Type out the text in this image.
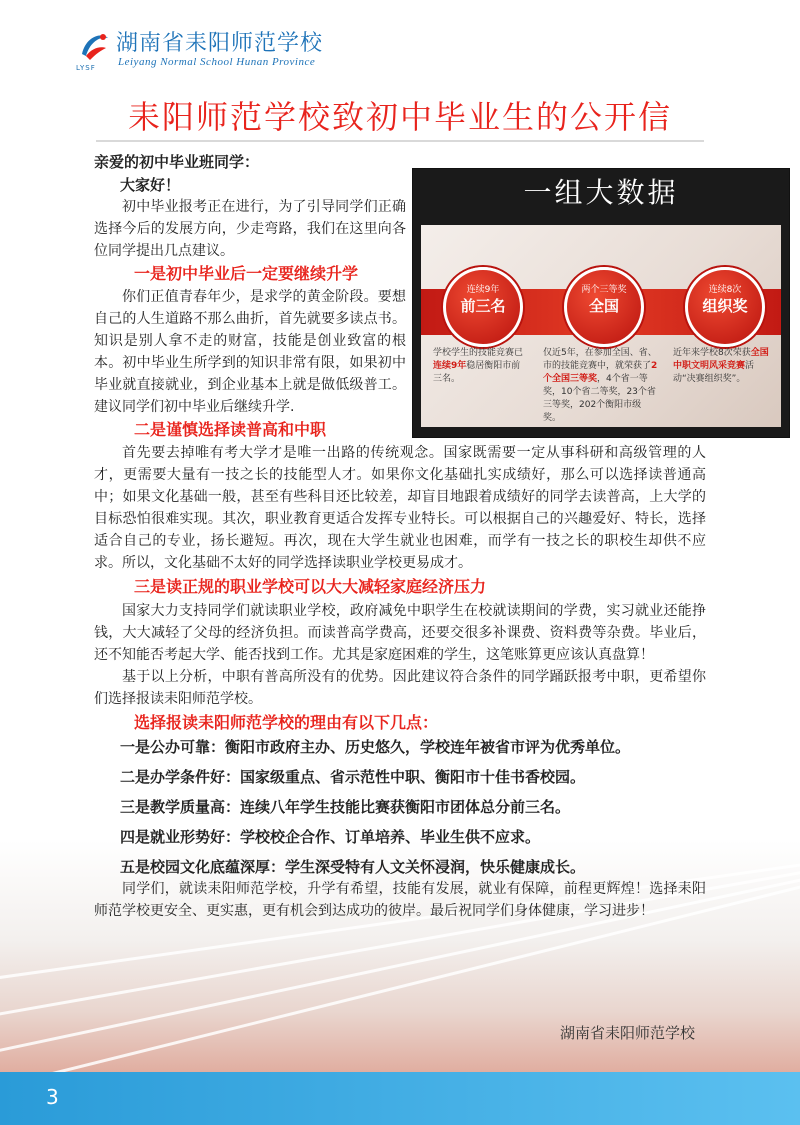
LYSF
湖南省耒阳师范学校
Leiyang Normal School Hunan Province
耒阳师范学校致初中毕业生的公开信
一组大数据
连续9年
前三名
两个三等奖
全国
连续8次
组织奖
学校学生的技能竞赛已连续9年稳居衡阳市前三名。
仅近5年，在参加全国、省、市的技能竞赛中，就荣获了2个全国三等奖，4个省一等奖，10个省二等奖，23个省三等奖，202个衡阳市级奖。
近年来学校8次荣获全国中职文明风采竞赛活动“决赛组织奖”。

亲爱的初中毕业班同学：

大家好！

初中毕业报考正在进行，为了引导同学们正确选择今后的发展方向，少走弯路，我们在这里向各位同学提出几点建议。

一是初中毕业后一定要继续升学

你们正值青春年少，是求学的黄金阶段。要想自己的人生道路不那么曲折，首先就要多读点书。知识是别人拿不走的财富，技能是创业致富的根本。初中毕业生所学到的知识非常有限，如果初中毕业就直接就业，到企业基本上就是做低级普工。建议同学们初中毕业后继续升学.

二是谨慎选择读普高和中职

首先要去掉唯有考大学才是唯一出路的传统观念。国家既需要一定从事科研和高级管理的人才，更需要大量有一技之长的技能型人才。如果你文化基础扎实成绩好，那么可以选择读普通高中；如果文化基础一般，甚至有些科目还比较差，却盲目地跟着成绩好的同学去读普高，上大学的目标恐怕很难实现。其次，职业教育更适合发挥专业特长。可以根据自己的兴趣爱好、特长，选择适合自己的专业，扬长避短。再次，现在大学生就业也困难，而学有一技之长的职校生却供不应求。所以，文化基础不太好的同学选择读职业学校更易成才。

三是读正规的职业学校可以大大减轻家庭经济压力

国家大力支持同学们就读职业学校，政府减免中职学生在校就读期间的学费，实习就业还能挣钱，大大减轻了父母的经济负担。而读普高学费高，还要交很多补课费、资料费等杂费。毕业后，还不知能否考起大学、能否找到工作。尤其是家庭困难的学生，这笔账算更应该认真盘算！

基于以上分析，中职有普高所没有的优势。因此建议符合条件的同学踊跃报考中职，更希望你们选择报读耒阳师范学校。

选择报读耒阳师范学校的理由有以下几点：

一是公办可靠：衡阳市政府主办、历史悠久，学校连年被省市评为优秀单位。

二是办学条件好：国家级重点、省示范性中职、衡阳市十佳书香校园。

三是教学质量高：连续八年学生技能比赛获衡阳市团体总分前三名。

四是就业形势好：学校校企合作、订单培养、毕业生供不应求。

五是校园文化底蕴深厚：学生深受特有人文关怀浸润，快乐健康成长。

同学们，就读耒阳师范学校，升学有希望，技能有发展，就业有保障，前程更辉煌！选择耒阳师范学校更安全、更实惠，更有机会到达成功的彼岸。最后祝同学们身体健康，学习进步！

湖南省耒阳师范学校
3
